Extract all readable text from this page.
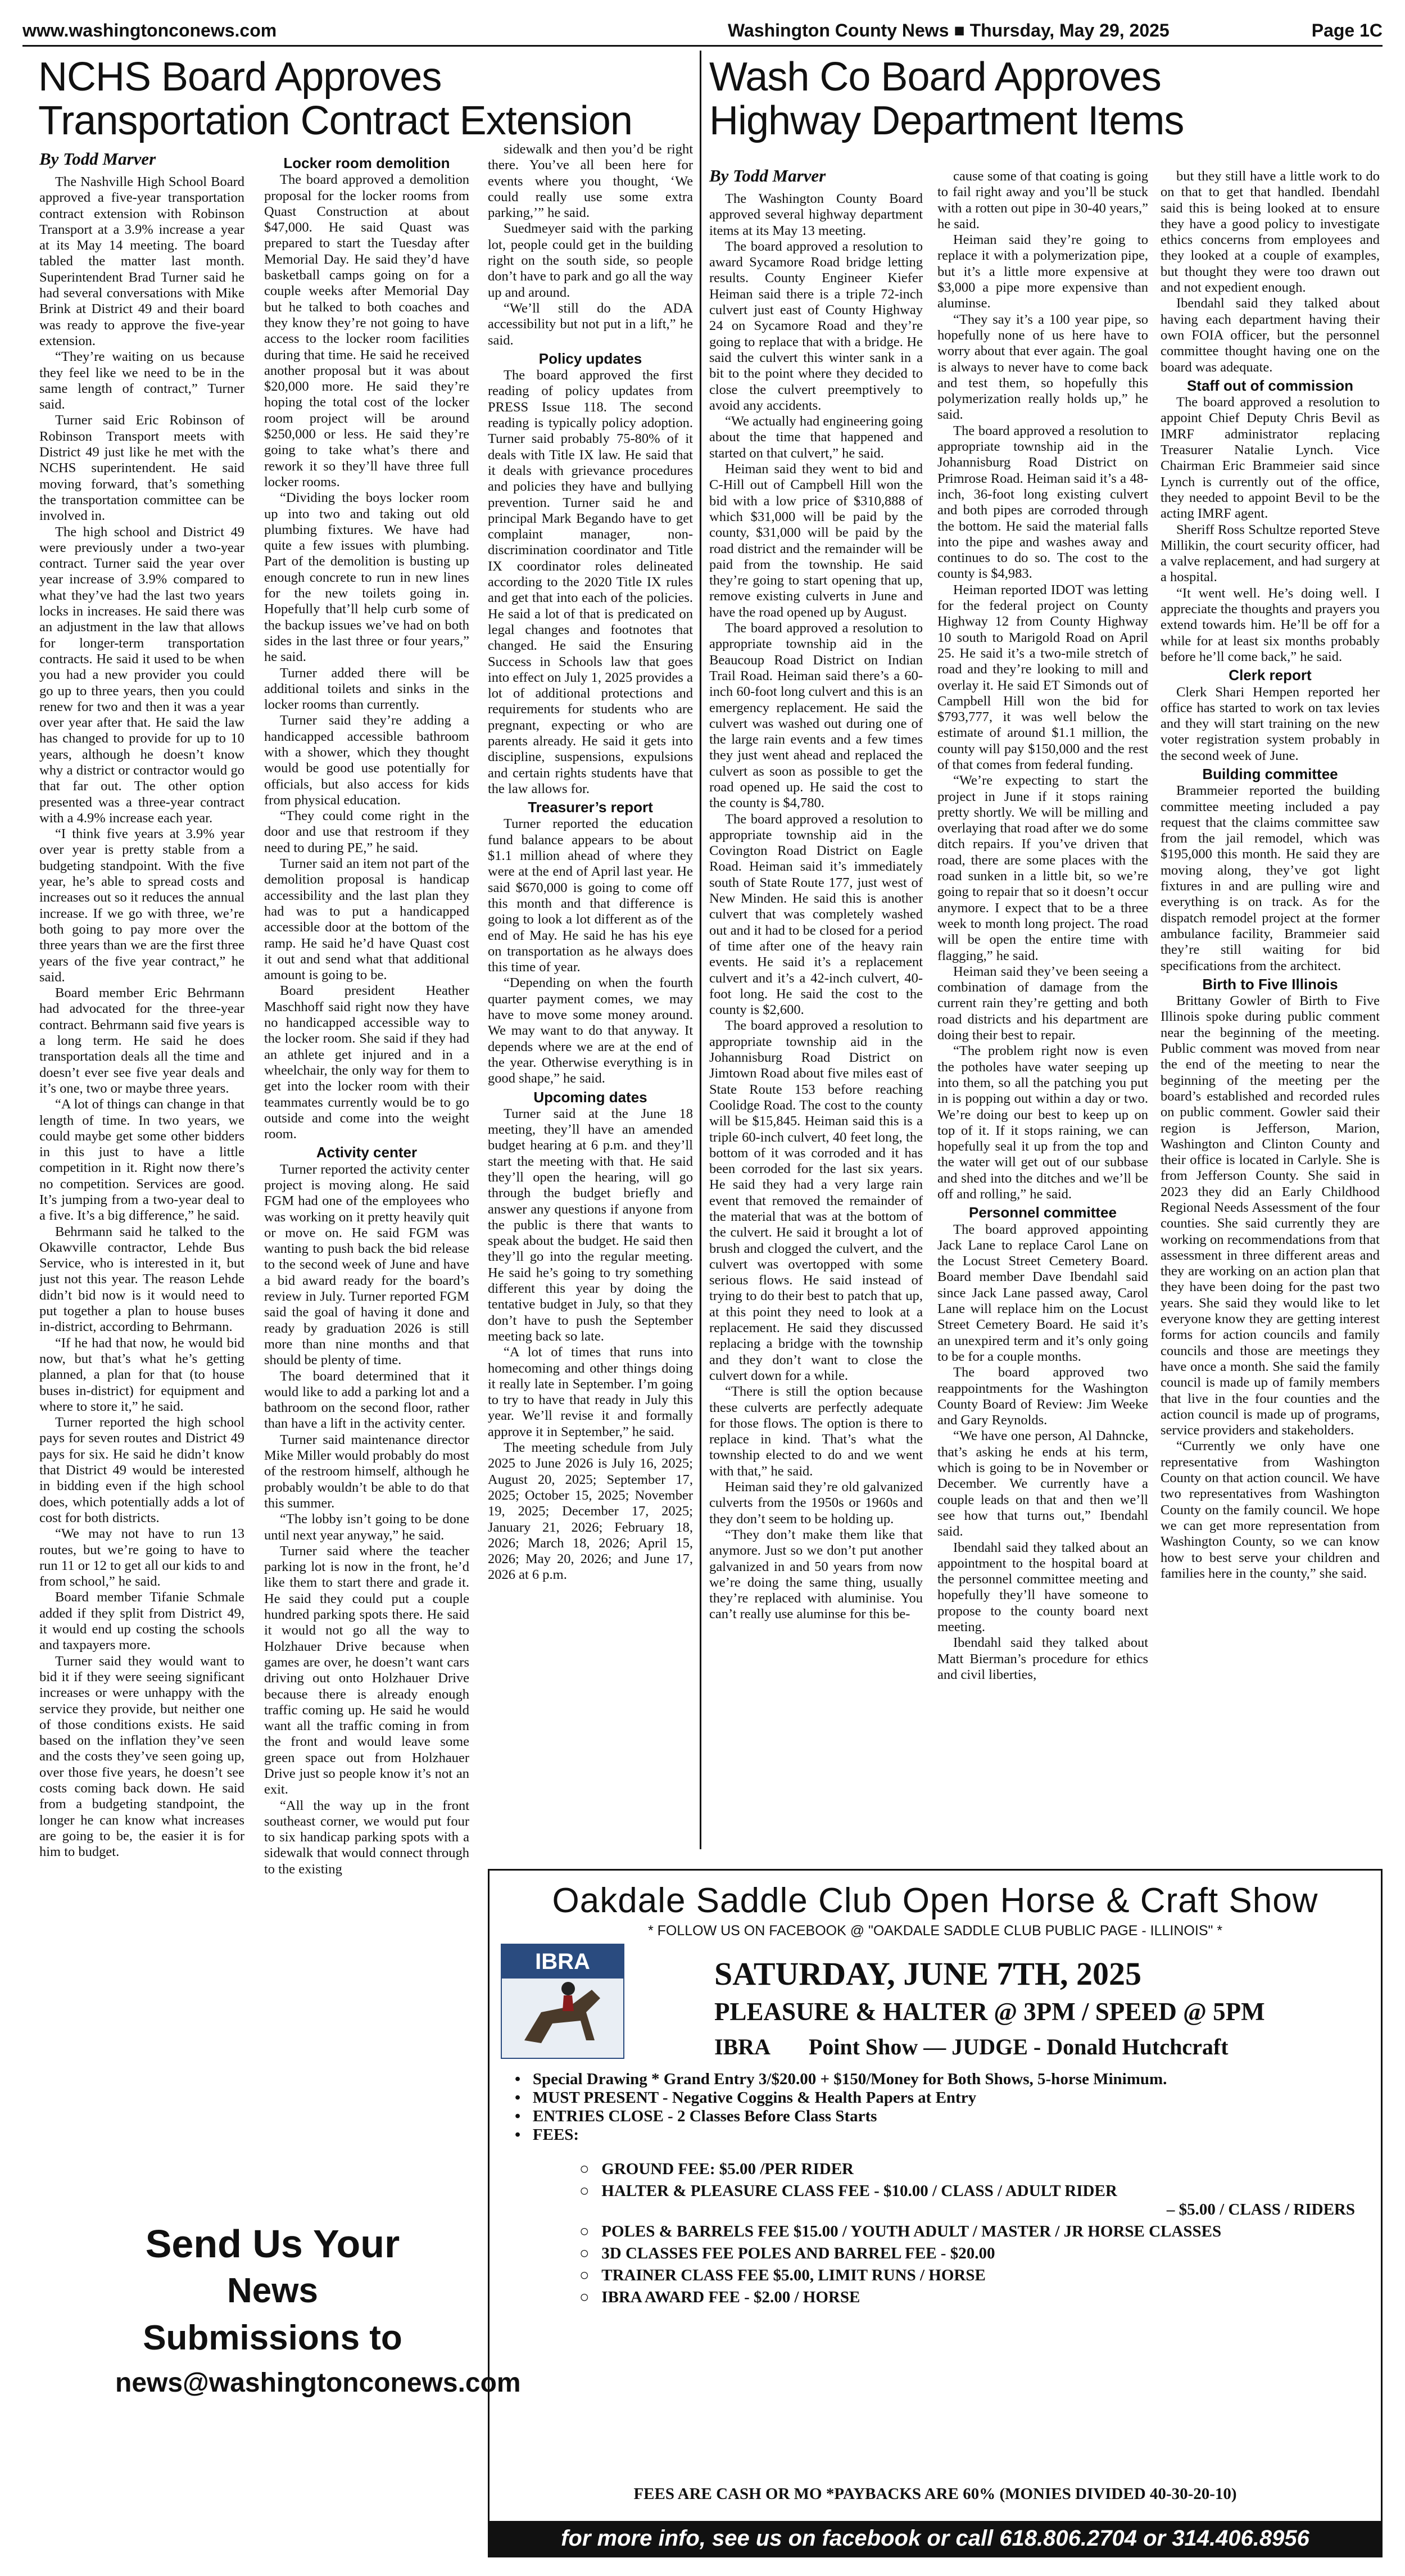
www.washingtonconews.com	Washington County News ■ Thursday, May 29, 2025	Page 1C
NCHS Board Approves
Transportation Contract Extension
By Todd Marver

The Nashville High School Board approved a five-year transportation contract extension with Robinson Transport at a 3.9% increase a year at its May 14 meeting. The board tabled the matter last month. Superintendent Brad Turner said he had several conversations with Mike Brink at District 49 and their board was ready to approve the five-year extension.

“They’re waiting on us because they feel like we need to be in the same length of contract,” Turner said.

Turner said Eric Robinson of Robinson Transport meets with District 49 just like he met with the NCHS superintendent. He said moving forward, that’s something the transportation committee can be involved in.

The high school and District 49 were previously under a two-year contract. Turner said the year over year increase of 3.9% compared to what they’ve had the last two years locks in increases. He said there was an adjustment in the law that allows for longer-term transportation contracts. He said it used to be when you had a new provider you could go up to three years, then you could renew for two and then it was a year over year after that. He said the law has changed to provide for up to 10 years, although he doesn’t know why a district or contractor would go that far out. The other option presented was a three-year contract with a 4.9% increase each year.

“I think five years at 3.9% year over year is pretty stable from a budgeting standpoint. With the five year, he’s able to spread costs and increases out so it reduces the annual increase. If we go with three, we’re both going to pay more over the three years than we are the first three years of the five year contract,” he said.

Board member Eric Behrmann had advocated for the three-year contract. Behrmann said five years is a long term. He said he does transportation deals all the time and doesn’t ever see five year deals and it’s one, two or maybe three years.

“A lot of things can change in that length of time. In two years, we could maybe get some other bidders in this just to have a little competition in it. Right now there’s no competition. Services are good. It’s jumping from a two-year deal to a five. It’s a big difference,” he said.

Behrmann said he talked to the Okawville contractor, Lehde Bus Service, who is interested in it, but just not this year. The reason Lehde didn’t bid now is it would need to put together a plan to house buses in-district, according to Behrmann.

“If he had that now, he would bid now, but that’s what he’s getting planned, a plan for that (to house buses in-district) for equipment and where to store it,” he said.

Turner reported the high school pays for seven routes and District 49 pays for six. He said he didn’t know that District 49 would be interested in bidding even if the high school does, which potentially adds a lot of cost for both districts.

“We may not have to run 13 routes, but we’re going to have to run 11 or 12 to get all our kids to and from school,” he said.

Board member Tifanie Schmale added if they split from District 49, it would end up costing the schools and taxpayers more.

Turner said they would want to bid it if they were seeing significant increases or were unhappy with the service they provide, but neither one of those conditions exists. He said based on the inflation they’ve seen and the costs they’ve seen going up, over those five years, he doesn’t see costs coming back down. He said from a budgeting standpoint, the longer he can know what increases are going to be, the easier it is for him to budget.

Locker room demolition

The board approved a demolition proposal for the locker rooms from Quast Construction at about $47,000. He said Quast was prepared to start the Tuesday after Memorial Day. He said they’d have basketball camps going on for a couple weeks after Memorial Day but he talked to both coaches and they know they’re not going to have access to the locker room facilities during that time. He said he received another proposal but it was about $20,000 more. He said they’re hoping the total cost of the locker room project will be around $250,000 or less. He said they’re going to take what’s there and rework it so they’ll have three full locker rooms.

“Dividing the boys locker room up into two and taking out old plumbing fixtures. We have had quite a few issues with plumbing. Part of the demolition is busting up enough concrete to run in new lines for the new toilets going in. Hopefully that’ll help curb some of the backup issues we’ve had on both sides in the last three or four years,” he said.

Turner added there will be additional toilets and sinks in the locker rooms than currently.

Turner said they’re adding a handicapped accessible bathroom with a shower, which they thought would be good use potentially for officials, but also access for kids from physical education.

“They could come right in the door and use that restroom if they need to during PE,” he said.

Turner said an item not part of the demolition proposal is handicap accessibility and the last plan they had was to put a handicapped accessible door at the bottom of the ramp. He said he’d have Quast cost it out and send what that additional amount is going to be.

Board president Heather Maschhoff said right now they have no handicapped accessible way to the locker room. She said if they had an athlete get injured and in a wheelchair, the only way for them to get into the locker room with their teammates currently would be to go outside and come into the weight room.

Activity center

Turner reported the activity center project is moving along. He said FGM had one of the employees who was working on it pretty heavily quit or move on. He said FGM was wanting to push back the bid release to the second week of June and have a bid award ready for the board’s review in July. Turner reported FGM said the goal of having it done and ready by graduation 2026 is still more than nine months and that should be plenty of time.

The board determined that it would like to add a parking lot and a bathroom on the second floor, rather than have a lift in the activity center.

Turner said maintenance director Mike Miller would probably do most of the restroom himself, although he probably wouldn’t be able to do that this summer.

“The lobby isn’t going to be done until next year anyway,” he said.

Turner said where the teacher parking lot is now in the front, he’d like them to start there and grade it. He said they could put a couple hundred parking spots there. He said it would not go all the way to Holzhauer Drive because when games are over, he doesn’t want cars driving out onto Holzhauer Drive because there is already enough traffic coming up. He said he would want all the traffic coming in from the front and would leave some green space out from Holzhauer Drive just so people know it’s not an exit.

“All the way up in the front southeast corner, we would put four to six handicap parking spots with a sidewalk that would connect through to the existing

sidewalk and then you’d be right there. You’ve all been here for events where you thought, ‘We could really use some extra parking,’” he said.

Suedmeyer said with the parking lot, people could get in the building right on the south side, so people don’t have to park and go all the way up and around.

“We’ll still do the ADA accessibility but not put in a lift,” he said.

Policy updates

The board approved the first reading of policy updates from PRESS Issue 118. The second reading is typically policy adoption. Turner said probably 75-80% of it deals with Title IX law. He said that it deals with grievance procedures and policies they have and bullying prevention. Turner said he and principal Mark Begando have to get complaint manager, non-discrimination coordinator and Title IX coordinator roles delineated according to the 2020 Title IX rules and get that into each of the policies. He said a lot of that is predicated on legal changes and footnotes that changed. He said the Ensuring Success in Schools law that goes into effect on July 1, 2025 provides a lot of additional protections and requirements for students who are pregnant, expecting or who are parents already. He said it gets into discipline, suspensions, expulsions and certain rights students have that the law allows for.

Treasurer’s report

Turner reported the education fund balance appears to be about $1.1 million ahead of where they were at the end of April last year. He said $670,000 is going to come off this month and that difference is going to look a lot different as of the end of May. He said he has his eye on transportation as he always does this time of year.

“Depending on when the fourth quarter payment comes, we may have to move some money around. We may want to do that anyway. It depends where we are at the end of the year. Otherwise everything is in good shape,” he said.

Upcoming dates

Turner said at the June 18 meeting, they’ll have an amended budget hearing at 6 p.m. and they’ll start the meeting with that. He said they’ll open the hearing, will go through the budget briefly and answer any questions if anyone from the public is there that wants to speak about the budget. He said then they’ll go into the regular meeting. He said he’s going to try something different this year by doing the tentative budget in July, so that they don’t have to push the September meeting back so late.

“A lot of times that runs into homecoming and other things doing it really late in September. I’m going to try to have that ready in July this year. We’ll revise it and formally approve it in September,” he said.

The meeting schedule from July 2025 to June 2026 is July 16, 2025; August 20, 2025; September 17, 2025; October 15, 2025; November 19, 2025; December 17, 2025; January 21, 2026; February 18, 2026; March 18, 2026; April 15, 2026; May 20, 2026; and June 17, 2026 at 6 p.m.

Wash Co Board Approves
Highway Department Items
By Todd Marver

The Washington County Board approved several highway department items at its May 13 meeting.

The board approved a resolution to award Sycamore Road bridge letting results. County Engineer Kiefer Heiman said there is a triple 72-inch culvert just east of County Highway 24 on Sycamore Road and they’re going to replace that with a bridge. He said the culvert this winter sank in a bit to the point where they decided to close the culvert preemptively to avoid any accidents.

“We actually had engineering going about the time that happened and started on that culvert,” he said.

Heiman said they went to bid and C-Hill out of Campbell Hill won the bid with a low price of $310,888 of which $31,000 will be paid by the county, $31,000 will be paid by the road district and the remainder will be paid from the township. He said they’re going to start opening that up, remove existing culverts in June and have the road opened up by August.

The board approved a resolution to appropriate township aid in the Beaucoup Road District on Indian Trail Road. Heiman said there’s a 60-inch 60-foot long culvert and this is an emergency replacement. He said the culvert was washed out during one of the large rain events and a few times they just went ahead and replaced the culvert as soon as possible to get the road opened up. He said the cost to the county is $4,780.

The board approved a resolution to appropriate township aid in the Covington Road District on Eagle Road. Heiman said it’s immediately south of State Route 177, just west of New Minden. He said this is another culvert that was completely washed out and it had to be closed for a period of time after one of the heavy rain events. He said it’s a replacement culvert and it’s a 42-inch culvert, 40-foot long. He said the cost to the county is $2,600.

The board approved a resolution to appropriate township aid in the Johannisburg Road District on Jimtown Road about five miles east of State Route 153 before reaching Coolidge Road. The cost to the county will be $15,845. Heiman said this is a triple 60-inch culvert, 40 feet long, the bottom of it was corroded and it has been corroded for the last six years. He said they had a very large rain event that removed the remainder of the material that was at the bottom of the culvert. He said it brought a lot of brush and clogged the culvert, and the culvert was overtopped with some serious flows. He said instead of trying to do their best to patch that up, at this point they need to look at a replacement. He said they discussed replacing a bridge with the township and they don’t want to close the culvert down for a while.

“There is still the option because these culverts are perfectly adequate for those flows. The option is there to replace in kind. That’s what the township elected to do and we went with that,” he said.

Heiman said they’re old galvanized culverts from the 1950s or 1960s and they don’t seem to be holding up.

“They don’t make them like that anymore. Just so we don’t put another galvanized in and 50 years from now we’re doing the same thing, usually they’re replaced with aluminise. You can’t really use aluminse for this be-

cause some of that coating is going to fail right away and you’ll be stuck with a rotten out pipe in 30-40 years,” he said.

Heiman said they’re going to replace it with a polymerization pipe, but it’s a little more expensive at $3,000 a pipe more expensive than aluminse.

“They say it’s a 100 year pipe, so hopefully none of us here have to worry about that ever again. The goal is always to never have to come back and test them, so hopefully this polymerization really holds up,” he said.

The board approved a resolution to appropriate township aid in the Johannisburg Road District on Primrose Road. Heiman said it’s a 48-inch, 36-foot long existing culvert and both pipes are corroded through the bottom. He said the material falls into the pipe and washes away and continues to do so. The cost to the county is $4,983.

Heiman reported IDOT was letting for the federal project on County Highway 12 from County Highway 10 south to Marigold Road on April 25. He said it’s a two-mile stretch of road and they’re looking to mill and overlay it. He said ET Simonds out of Campbell Hill won the bid for $793,777, it was well below the estimate of around $1.1 million, the county will pay $150,000 and the rest of that comes from federal funding.

“We’re expecting to start the project in June if it stops raining pretty shortly. We will be milling and overlaying that road after we do some ditch repairs. If you’ve driven that road, there are some places with the road sunken in a little bit, so we’re going to repair that so it doesn’t occur anymore. I expect that to be a three week to month long project. The road will be open the entire time with flagging,” he said.

Heiman said they’ve been seeing a combination of damage from the current rain they’re getting and both road districts and his department are doing their best to repair.

“The problem right now is even the potholes have water seeping up into them, so all the patching you put in is popping out within a day or two. We’re doing our best to keep up on top of it. If it stops raining, we can hopefully seal it up from the top and the water will get out of our subbase and shed into the ditches and we’ll be off and rolling,” he said.

Personnel committee

The board approved appointing Jack Lane to replace Carol Lane on the Locust Street Cemetery Board. Board member Dave Ibendahl said since Jack Lane passed away, Carol Lane will replace him on the Locust Street Cemetery Board. He said it’s an unexpired term and it’s only going to be for a couple months.

The board approved two reappointments for the Washington County Board of Review: Jim Weeke and Gary Reynolds.

“We have one person, Al Dahncke, that’s asking he ends at his term, which is going to be in November or December. We currently have a couple leads on that and then we’ll see how that turns out,” Ibendahl said.

Ibendahl said they talked about an appointment to the hospital board at the personnel committee meeting and hopefully they’ll have someone to propose to the county board next meeting.

Ibendahl said they talked about Matt Bierman’s procedure for ethics and civil liberties,

but they still have a little work to do on that to get that handled. Ibendahl said this is being looked at to ensure they have a good policy to investigate ethics concerns from employees and they looked at a couple of examples, but thought they were too drawn out and not expedient enough.

Ibendahl said they talked about having each department having their own FOIA officer, but the personnel committee thought having one on the board was adequate.

Staff out of commission

The board approved a resolution to appoint Chief Deputy Chris Bevil as IMRF administrator replacing Treasurer Natalie Lynch. Vice Chairman Eric Brammeier said since Lynch is currently out of the office, they needed to appoint Bevil to be the acting IMRF agent.

Sheriff Ross Schultze reported Steve Millikin, the court security officer, had a valve replacement, and had surgery at a hospital.

“It went well. He’s doing well. I appreciate the thoughts and prayers you extend towards him. He’ll be off for a while for at least six months probably before he’ll come back,” he said.

Clerk report

Clerk Shari Hempen reported her office has started to work on tax levies and they will start training on the new voter registration system probably in the second week of June.

Building committee

Brammeier reported the building committee meeting included a pay request that the claims committee saw from the jail remodel, which was $195,000 this month. He said they are moving along, they’ve got light fixtures in and are pulling wire and everything is on track. As for the dispatch remodel project at the former ambulance facility, Brammeier said they’re still waiting for bid specifications from the architect.

Birth to Five Illinois

Brittany Gowler of Birth to Five Illinois spoke during public comment near the beginning of the meeting. Public comment was moved from near the end of the meeting to near the beginning of the meeting per the board’s established and recorded rules on public comment. Gowler said their region is Jefferson, Marion, Washington and Clinton County and their office is located in Carlyle. She is from Jefferson County. She said in 2023 they did an Early Childhood Regional Needs Assessment of the four counties. She said currently they are working on recommendations from that assessment in three different areas and they are working on an action plan that they have been doing for the past two years. She said they would like to let everyone know they are getting interest forms for action councils and family councils and those are meetings they have once a month. She said the family council is made up of family members that live in the four counties and the action council is made up of programs, service providers and stakeholders.

“Currently we only have one representative from Washington County on that action council. We have two representatives from Washington County on the family council. We hope we can get more representation from Washington County, so we can know how to best serve your children and families here in the county,” she said.

Send Us Your
News Submissions to
news@washingtonconews.com
Oakdale Saddle Club Open Horse & Craft Show
* FOLLOW US ON FACEBOOK @ "OAKDALE SADDLE CLUB PUBLIC PAGE - ILLINOIS" *
IBRA	SATURDAY, JUNE 7TH, 2025
PLEASURE & HALTER @ 3PM / SPEED @ 5PM
IBRA       Point Show — JUDGE - Donald Hutchcraft
•   Special Drawing * Grand Entry 3/$20.00 + $150/Money for Both Shows, 5-horse Minimum.
•   MUST PRESENT - Negative Coggins & Health Papers at Entry
•   ENTRIES CLOSE - 2 Classes Before Class Starts
•   FEES:
○   GROUND FEE: $5.00 /PER RIDER
○   HALTER & PLEASURE CLASS FEE - $10.00 / CLASS / ADULT RIDER
– $5.00 / CLASS / RIDERS
○   POLES & BARRELS FEE $15.00 / YOUTH ADULT / MASTER / JR HORSE CLASSES
○   3D CLASSES FEE POLES AND BARREL FEE - $20.00
○   TRAINER CLASS FEE $5.00, LIMIT RUNS / HORSE
○   IBRA AWARD FEE - $2.00 / HORSE
FEES ARE CASH OR MO *PAYBACKS ARE 60% (MONIES DIVIDED 40-30-20-10)
for more info, see us on facebook or call 618.806.2704 or 314.406.8956
